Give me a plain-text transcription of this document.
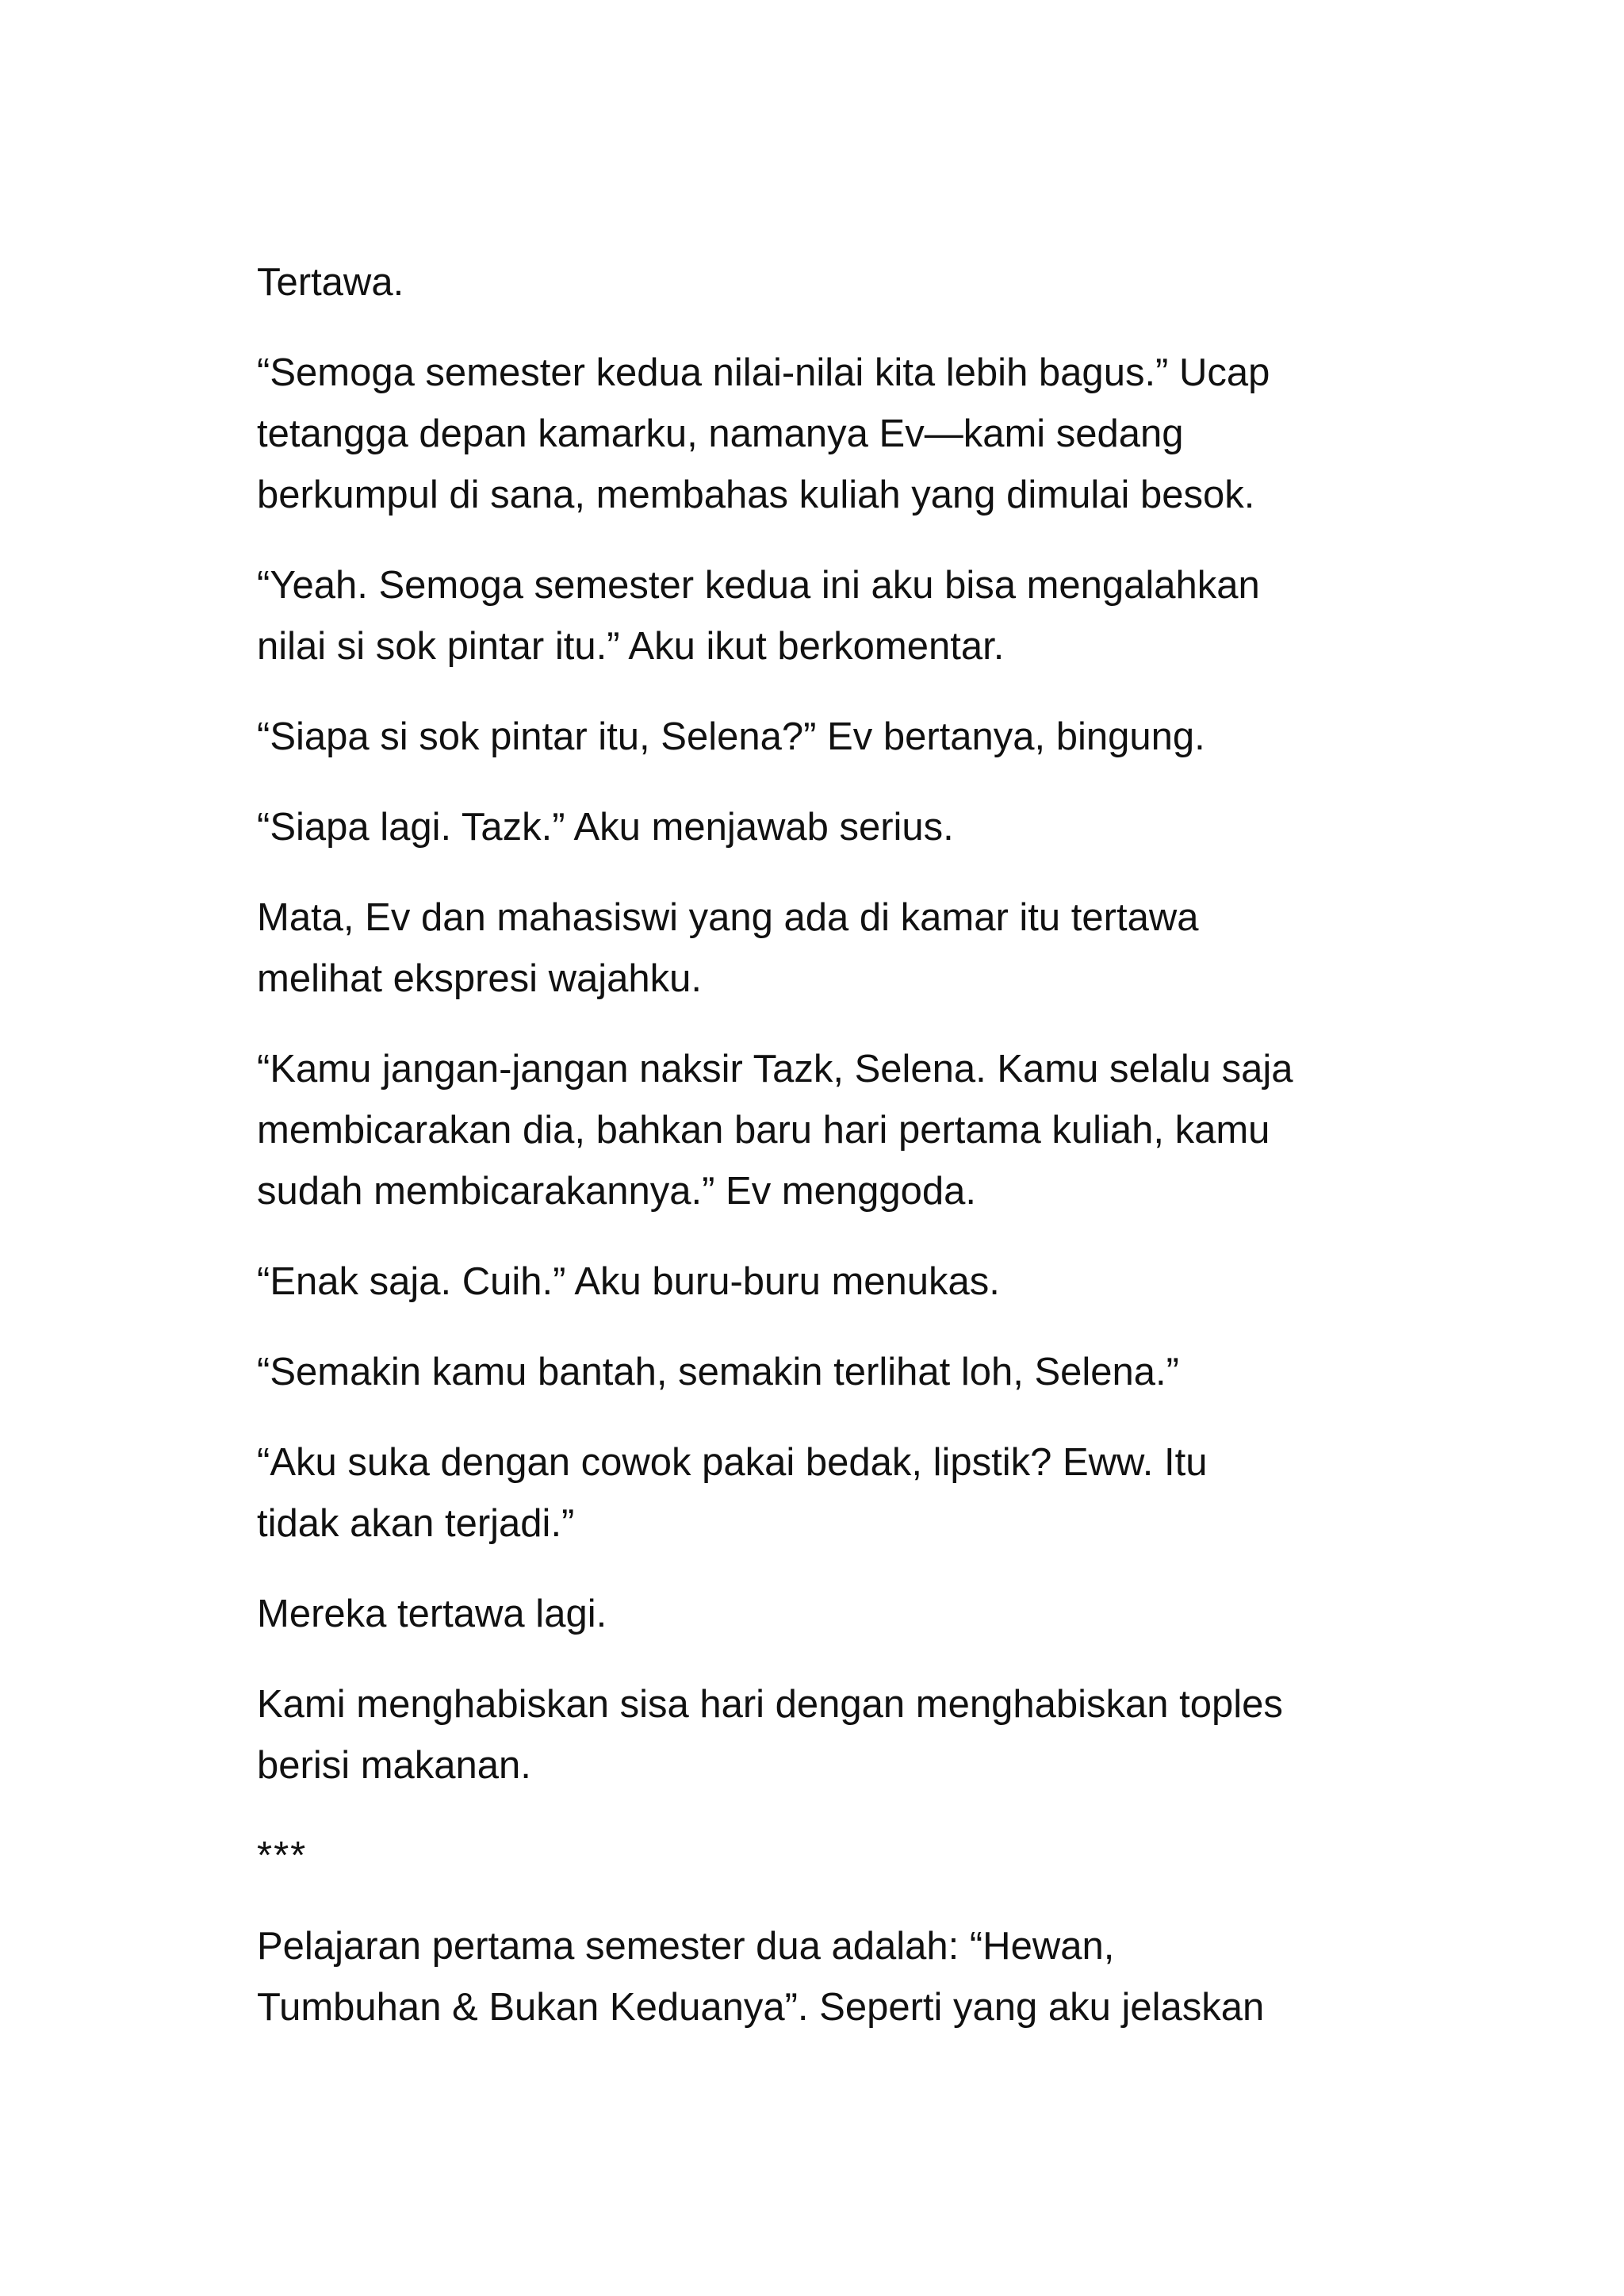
Tertawa.

“Semoga semester kedua nilai-nilai kita lebih bagus.” Ucap
tetangga depan kamarku, namanya Ev—kami sedang
berkumpul di sana, membahas kuliah yang dimulai besok.

“Yeah. Semoga semester kedua ini aku bisa mengalahkan
nilai si sok pintar itu.” Aku ikut berkomentar.

“Siapa si sok pintar itu, Selena?” Ev bertanya, bingung.

“Siapa lagi. Tazk.” Aku menjawab serius.

Mata, Ev dan mahasiswi yang ada di kamar itu tertawa
melihat ekspresi wajahku.

“Kamu jangan-jangan naksir Tazk, Selena. Kamu selalu saja
membicarakan dia, bahkan baru hari pertama kuliah, kamu
sudah membicarakannya.” Ev menggoda.

“Enak saja. Cuih.” Aku buru-buru menukas.

“Semakin kamu bantah, semakin terlihat loh, Selena.”

“Aku suka dengan cowok pakai bedak, lipstik? Eww. Itu
tidak akan terjadi.”

Mereka tertawa lagi.

Kami menghabiskan sisa hari dengan menghabiskan toples
berisi makanan.

***

Pelajaran pertama semester dua adalah: “Hewan,
Tumbuhan & Bukan Keduanya”. Seperti yang aku jelaskan
